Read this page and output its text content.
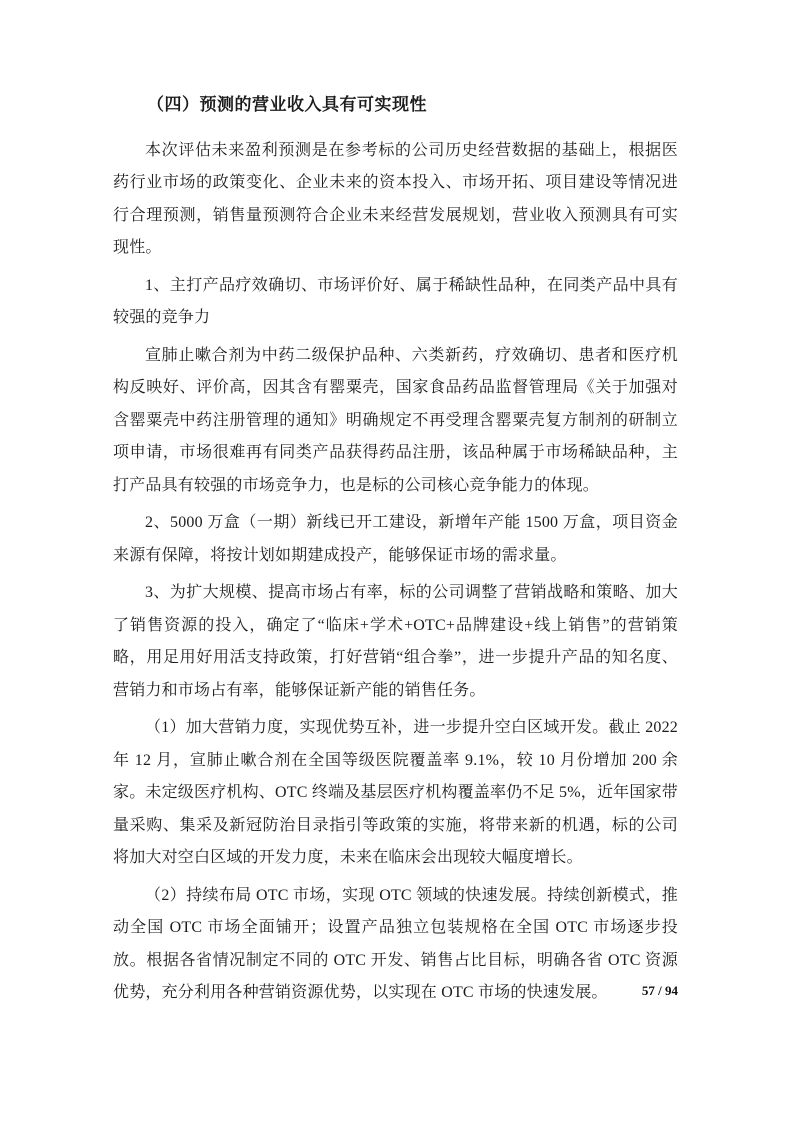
（四）预测的营业收入具有可实现性

本次评估未来盈利预测是在参考标的公司历史经营数据的基础上，根据医药行业市场的政策变化、企业未来的资本投入、市场开拓、项目建设等情况进行合理预测，销售量预测符合企业未来经营发展规划，营业收入预测具有可实现性。

1、主打产品疗效确切、市场评价好、属于稀缺性品种，在同类产品中具有较强的竞争力

宣肺止嗽合剂为中药二级保护品种、六类新药，疗效确切、患者和医疗机构反映好、评价高，因其含有罂粟壳，国家食品药品监督管理局《关于加强对含罂粟壳中药注册管理的通知》明确规定不再受理含罂粟壳复方制剂的研制立项申请，市场很难再有同类产品获得药品注册，该品种属于市场稀缺品种，主打产品具有较强的市场竞争力，也是标的公司核心竞争能力的体现。

2、5000 万盒（一期）新线已开工建设，新增年产能 1500 万盒，项目资金来源有保障，将按计划如期建成投产，能够保证市场的需求量。

3、为扩大规模、提高市场占有率，标的公司调整了营销战略和策略、加大了销售资源的投入，确定了“临床+学术+OTC+品牌建设+线上销售”的营销策略，用足用好用活支持政策，打好营销“组合拳”，进一步提升产品的知名度、营销力和市场占有率，能够保证新产能的销售任务。

（1）加大营销力度，实现优势互补，进一步提升空白区域开发。截止 2022 年 12 月，宣肺止嗽合剂在全国等级医院覆盖率 9.1%，较 10 月份增加 200 余家。未定级医疗机构、OTC 终端及基层医疗机构覆盖率仍不足 5%，近年国家带量采购、集采及新冠防治目录指引等政策的实施，将带来新的机遇，标的公司将加大对空白区域的开发力度，未来在临床会出现较大幅度增长。

（2）持续布局 OTC 市场，实现 OTC 领域的快速发展。持续创新模式，推动全国 OTC 市场全面铺开；设置产品独立包装规格在全国 OTC 市场逐步投放。根据各省情况制定不同的 OTC 开发、销售占比目标，明确各省 OTC 资源优势，充分利用各种营销资源优势，以实现在 OTC 市场的快速发展。	57 / 94
